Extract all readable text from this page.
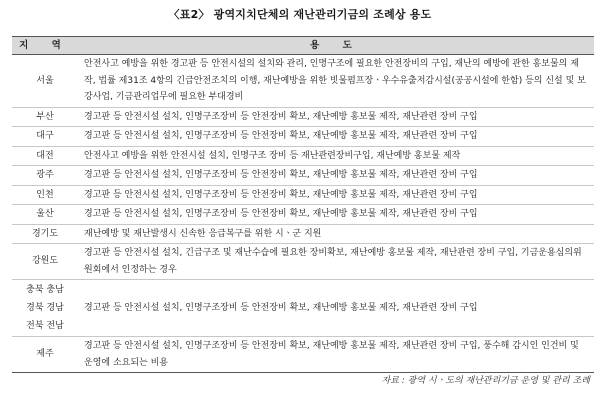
〈표2〉 광역지치단체의 재난관리기금의 조례상 용도
지 역	용 도
서울	안전사고 예방을 위한 경고판 등 안전시설의 설치와 관리, 인명구조에 필요한 안전장비의 구입, 재난의 예방에 관한 홍보물의 제작, 법률 제31조 4항의 긴급안전조치의 이행, 재난예방을 위한 빗물펌프장ㆍ우수유출저감시설(공공시설에 한함) 등의 신설 및 보강사업, 기금관리업무에 필요한 부대경비
부산	경고판 등 안전시설 설치, 인명구조장비 등 안전장비 확보, 재난예방 홍보물 제작, 재난관련 장비 구입
대구	경고판 등 안전시설 설치, 인명구조장비 등 안전장비 확보, 재난예방 홍보물 제작, 재난관련 장비 구입
대전	안전사고 예방을 위한 안전시설 설치, 인명구조 장비 등 재난관련장비구입, 재난예방 홍보물 제작
광주	경고판 등 안전시설 설치, 인명구조장비 등 안전장비 확보, 재난예방 홍보물 제작, 재난관련 장비 구입
인천	경고판 등 안전시설 설치, 인명구조장비 등 안전장비 확보, 재난예방 홍보물 제작, 재난관련 장비 구입
울산	경고판 등 안전시설 설치, 인명구조장비 등 안전장비 확보, 재난예방 홍보물 제작, 재난관련 장비 구입
경기도	재난예방 및 재난발생시 신속한 응급복구를 위한 시ㆍ군 지원
강원도	경고판 등 안전시설 설치, 긴급구조 및 재난수습에 필요한 장비확보, 재난예방 홍보물 제작, 재난관련 장비 구입, 기금운용심의위원회에서 인정하는 경우

충북 충남
경북 경남
전북 전남	경고판 등 안전시설 설치, 인명구조장비 등 안전장비 확보, 재난예방 홍보물 제작, 재난관련 장비 구입
제주	경고판 등 안전시설 설치, 인명구조장비 등 안전장비 확보, 재난예방 홍보물 제작, 재난관련 장비 구입, 풍수해 감시인 인건비 및 운영에 소요되는 비용
자료 : 광역 시ㆍ도의 재난관리기금 운영 및 관리 조례
